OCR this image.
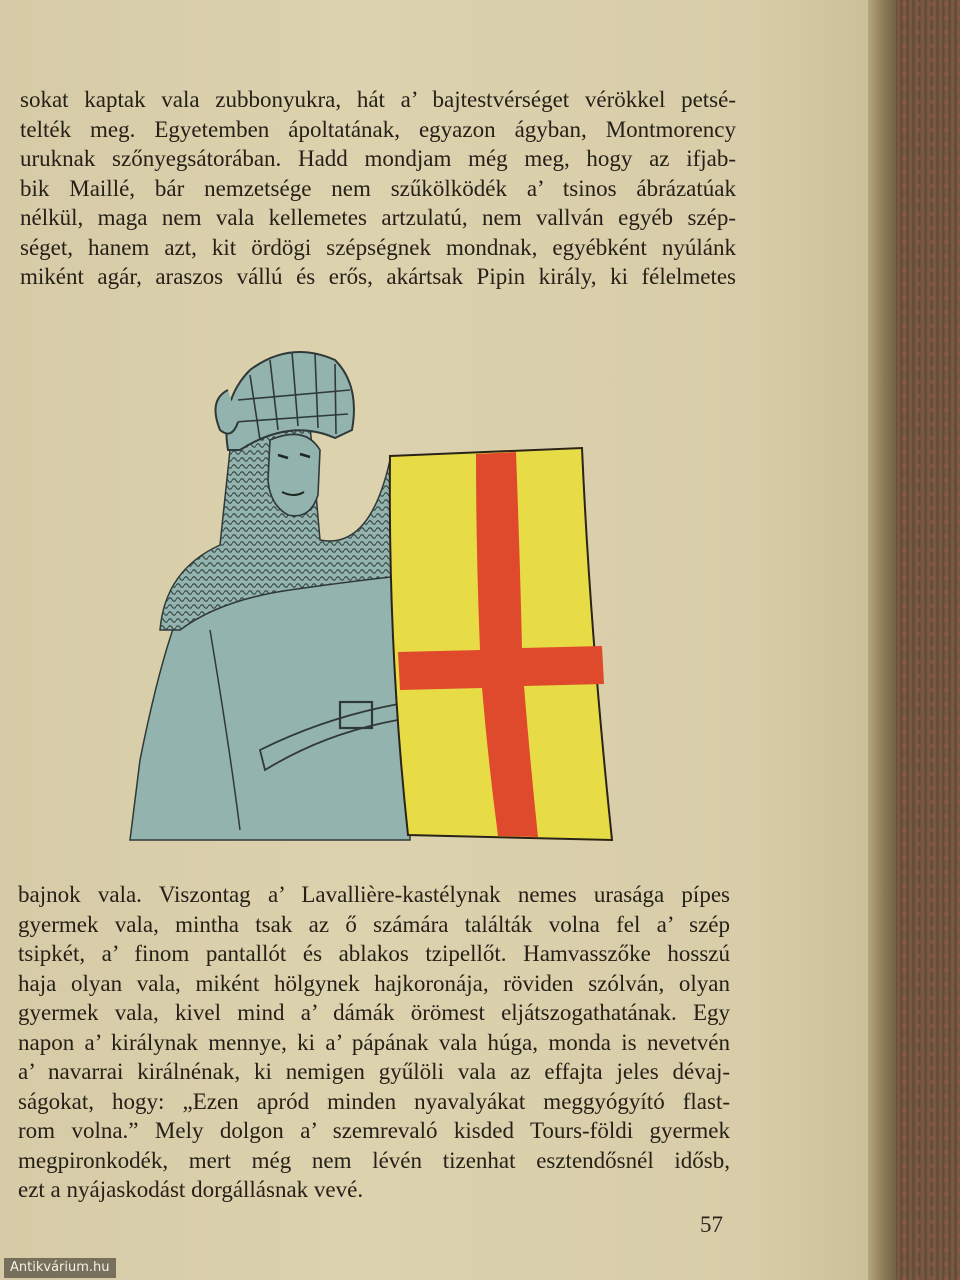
sokat kaptak vala zubbonyukra, hát a’ bajtestvérséget vérökkel petsé-
telték meg. Egyetemben ápoltatának, egyazon ágyban, Montmorency
uruknak szőnyegsátorában. Hadd mondjam még meg, hogy az ifjab-
bik Maillé, bár nemzetsége nem szűkölködék a’ tsinos ábrázatúak
nélkül, maga nem vala kellemetes artzulatú, nem vallván egyéb szép-
séget, hanem azt, kit ördögi szépségnek mondnak, egyébként nyúlánk
miként agár, araszos vállú és erős, akártsak Pipin király, ki félelmetes
bajnok vala. Viszontag a’ Lavallière-kastélynak nemes urasága pípes
gyermek vala, mintha tsak az ő számára találták volna fel a’ szép
tsipkét, a’ finom pantallót és ablakos tzipellőt. Hamvasszőke hosszú
haja olyan vala, miként hölgynek hajkoronája, röviden szólván, olyan
gyermek vala, kivel mind a’ dámák örömest eljátszogathatának. Egy
napon a’ királynak mennye, ki a’ pápának vala húga, monda is nevetvén
a’ navarrai királnénak, ki nemigen gyűlöli vala az effajta jeles dévaj-
ságokat, hogy: „Ezen apród minden nyavalyákat meggyógyító flast-
rom volna.” Mely dolgon a’ szemrevaló kisded Tours-földi gyermek
megpironkodék, mert még nem lévén tizenhat esztendősnél idősb,
ezt a nyájaskodást dorgállásnak vevé.
57
Antikvárium.hu
